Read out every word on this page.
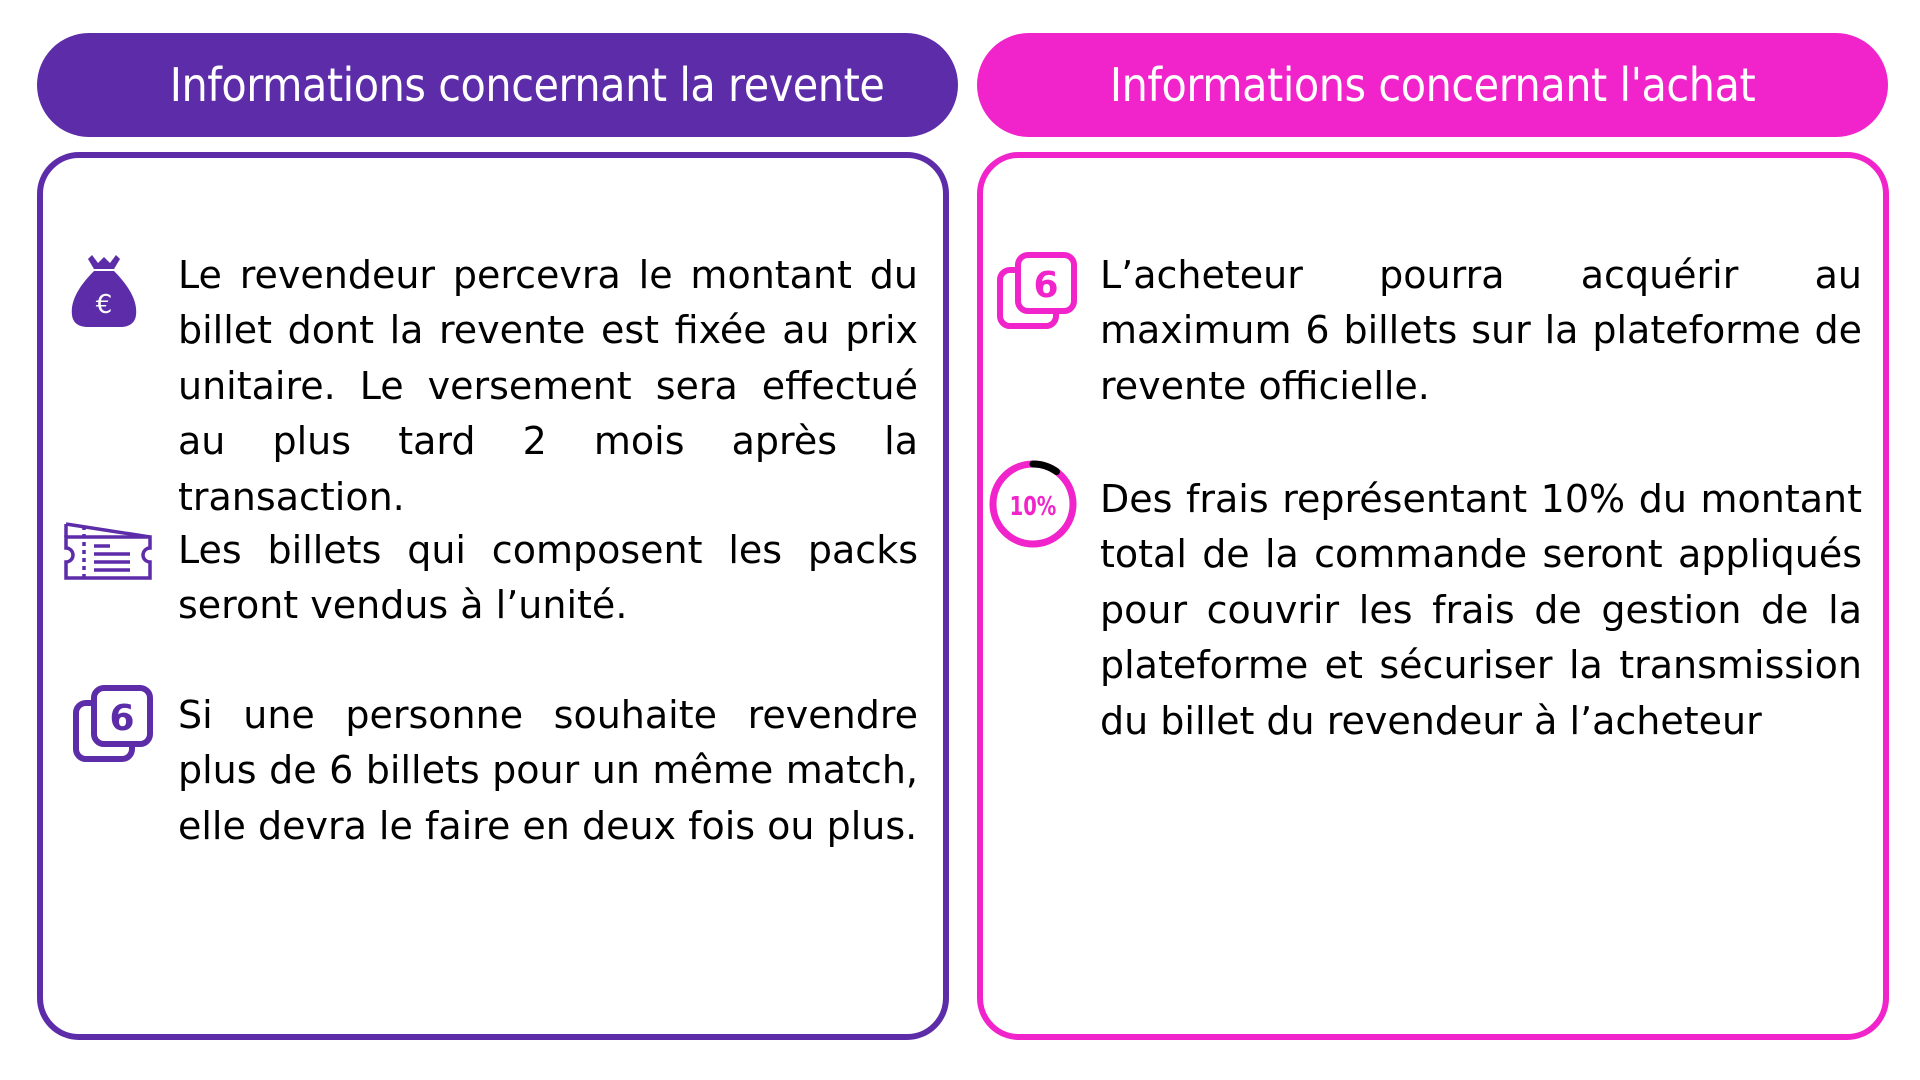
Informations concernant la revente	Informations concernant l'achat
€
Le revendeur percevra le montant du billet dont la revente est fixée au prix unitaire. Le versement sera effectué au plus tard 2 mois après la transaction.
Les billets qui composent les packs seront vendus à l’unité.
6 Si une personne souhaite revendre plus de 6 billets pour un même match, elle devra le faire en deux fois ou plus.
6 L’acheteur pourra acquérir au maximum 6 billets sur la plateforme de revente officielle.
10% Des frais représentant 10% du montant total de la commande seront appliqués pour couvrir les frais de gestion de la plateforme et sécuriser la transmission du billet du revendeur à l’acheteur
